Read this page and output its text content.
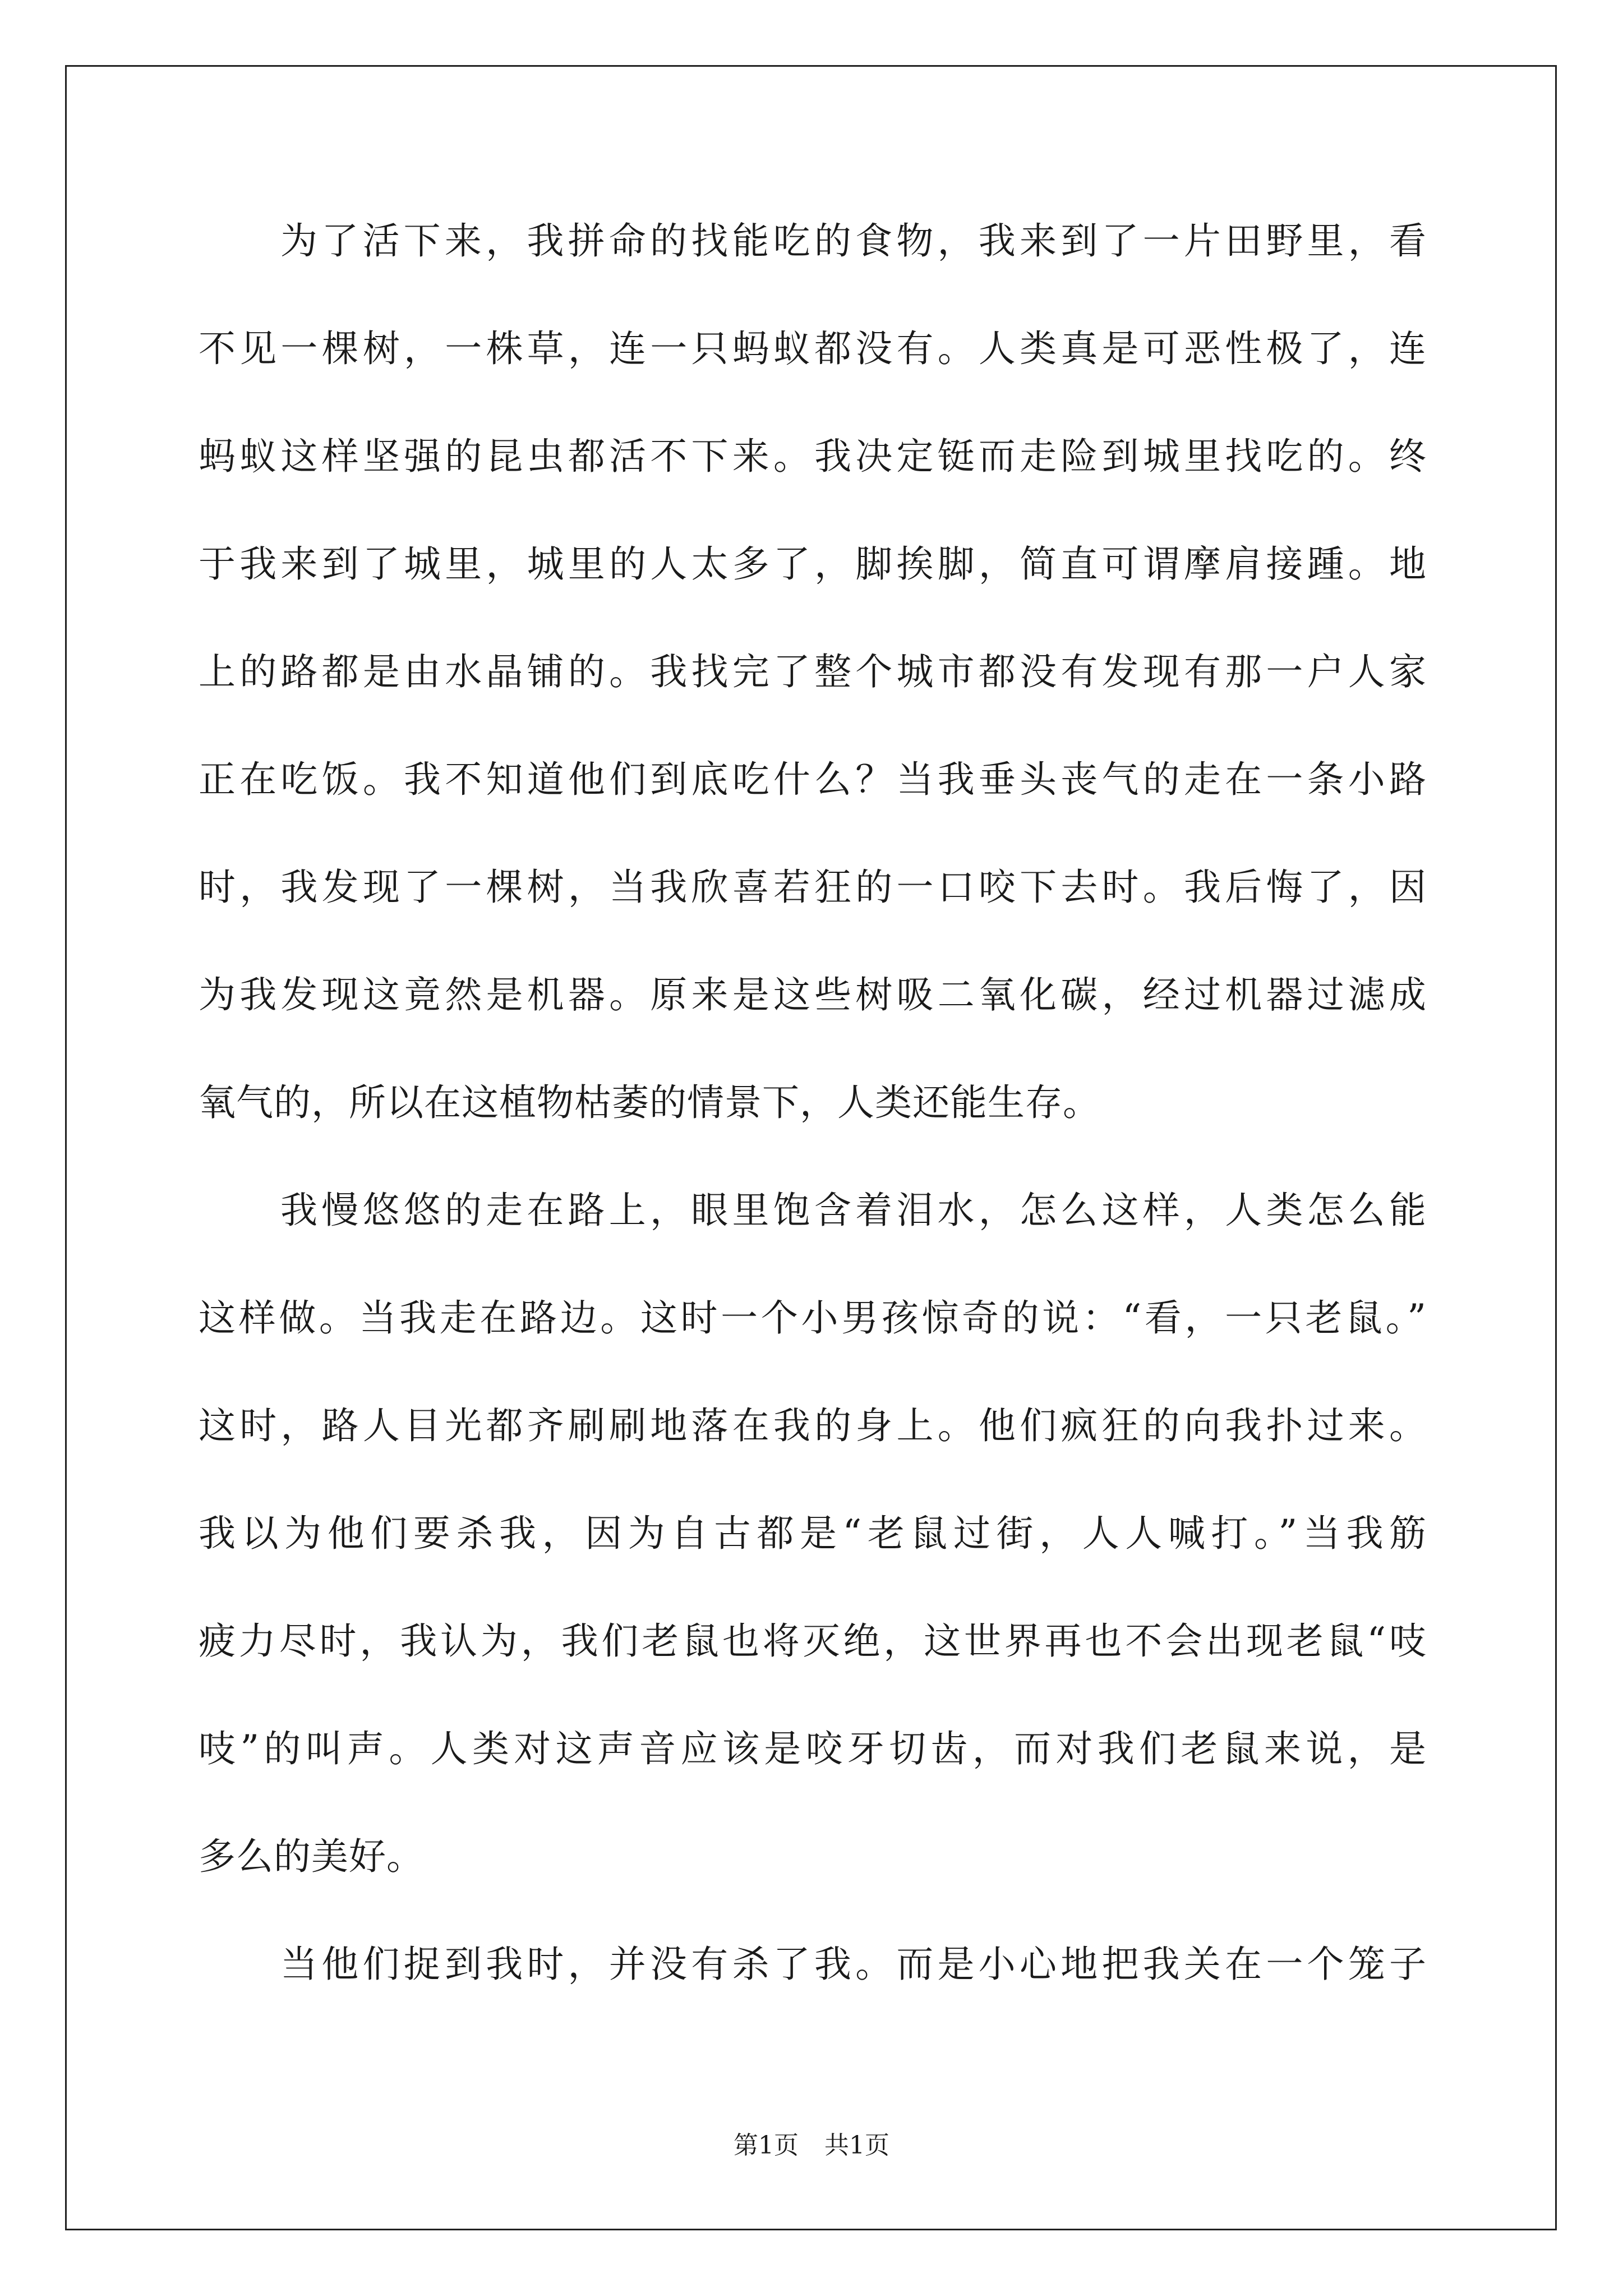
为了活下来，我拼命的找能吃的食物，我来到了一片田野里，看
不见一棵树，一株草，连一只蚂蚁都没有。人类真是可恶性极了，连
蚂蚁这样坚强的昆虫都活不下来。我决定铤而走险到城里找吃的。终
于我来到了城里，城里的人太多了，脚挨脚，简直可谓摩肩接踵。地
上的路都是由水晶铺的。我找完了整个城市都没有发现有那一户人家
正在吃饭。我不知道他们到底吃什么？当我垂头丧气的走在一条小路
时，我发现了一棵树，当我欣喜若狂的一口咬下去时。我后悔了，因
为我发现这竟然是机器。原来是这些树吸二氧化碳，经过机器过滤成
氧气的，所以在这植物枯萎的情景下，人类还能生存。
我慢悠悠的走在路上，眼里饱含着泪水，怎么这样，人类怎么能
这样做。当我走在路边。这时一个小男孩惊奇的说：“看，一只老鼠。”
这时，路人目光都齐刷刷地落在我的身上。他们疯狂的向我扑过来。
我以为他们要杀我，因为自古都是“老鼠过街，人人喊打。”当我筋
疲力尽时，我认为，我们老鼠也将灭绝，这世界再也不会出现老鼠“吱
吱”的叫声。人类对这声音应该是咬牙切齿，而对我们老鼠来说，是
多么的美好。
当他们捉到我时，并没有杀了我。而是小心地把我关在一个笼子
第1页 共1页
